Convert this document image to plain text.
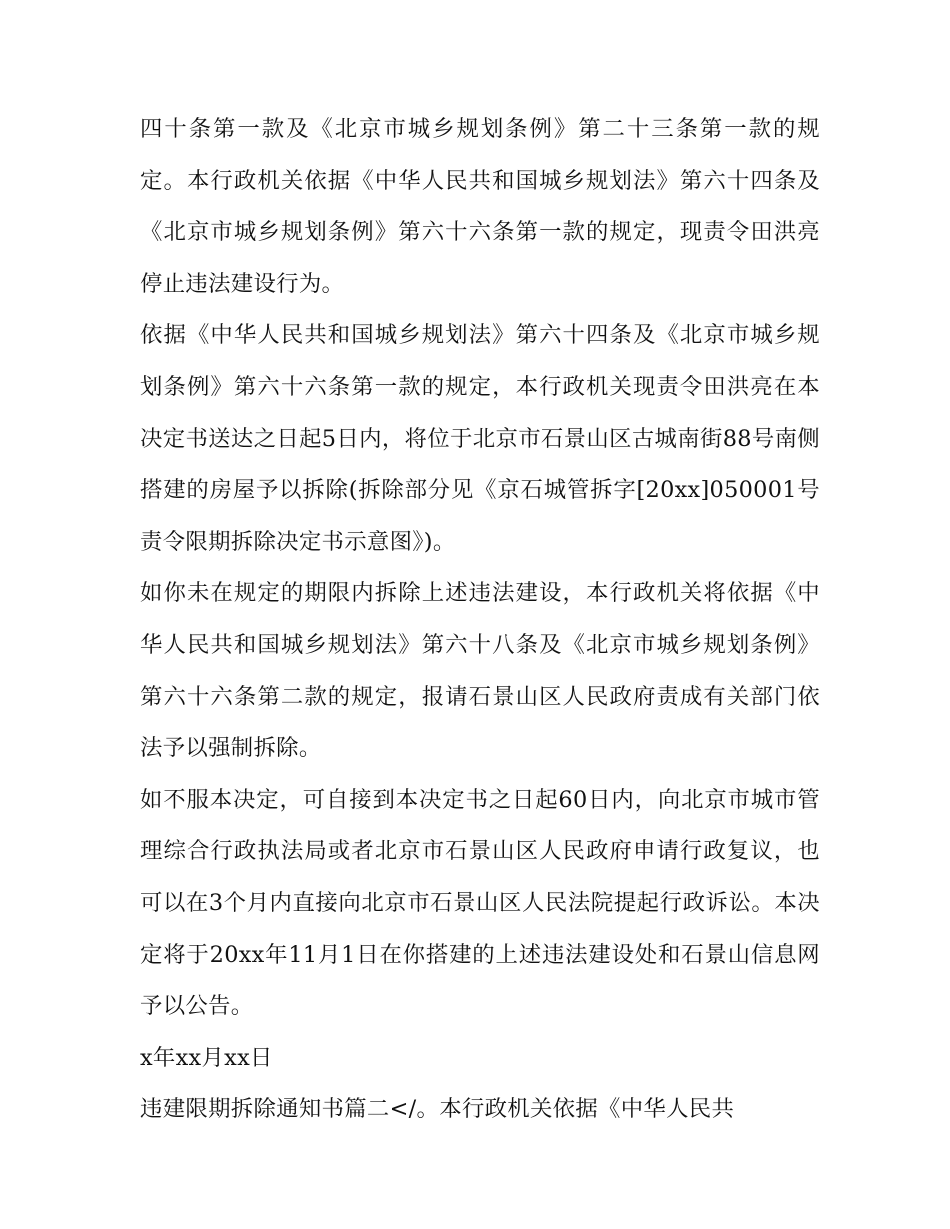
四十条第一款及《北京市城乡规划条例》第二十三条第一款的规定。本行政机关依据《中华人民共和国城乡规划法》第六十四条及《北京市城乡规划条例》第六十六条第一款的规定，现责令田洪亮停止违法建设行为。

依据《中华人民共和国城乡规划法》第六十四条及《北京市城乡规划条例》第六十六条第一款的规定，本行政机关现责令田洪亮在本决定书送达之日起5日内，将位于北京市石景山区古城南街88号南侧搭建的房屋予以拆除(拆除部分见《京石城管拆字[20xx]050001号责令限期拆除决定书示意图》)。

如你未在规定的期限内拆除上述违法建设，本行政机关将依据《中华人民共和国城乡规划法》第六十八条及《北京市城乡规划条例》第六十六条第二款的规定，报请石景山区人民政府责成有关部门依法予以强制拆除。

如不服本决定，可自接到本决定书之日起60日内，向北京市城市管理综合行政执法局或者北京市石景山区人民政府申请行政复议，也可以在3个月内直接向北京市石景山区人民法院提起行政诉讼。本决定将于20xx年11月1日在你搭建的上述违法建设处和石景山信息网予以公告。

x年xx月xx日

违建限期拆除通知书篇二</。本行政机关依据《中华人民共
